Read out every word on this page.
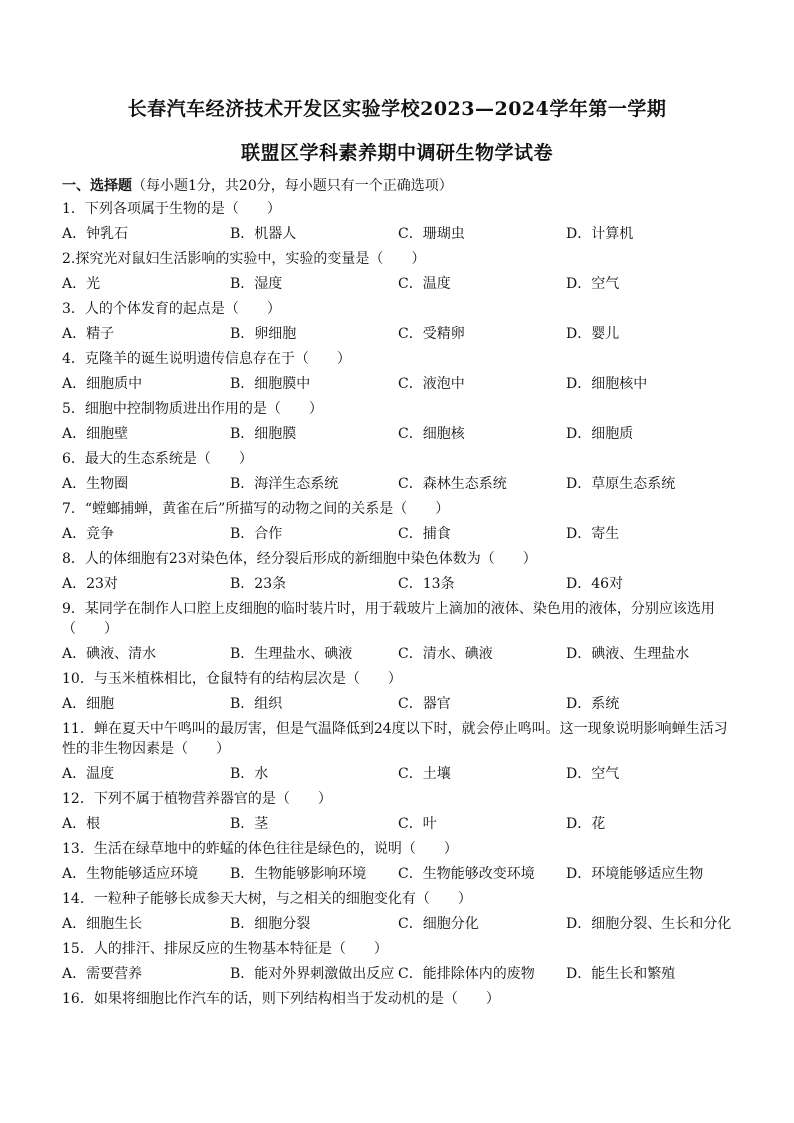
长春汽车经济技术开发区实验学校2023—2024学年第一学期
联盟区学科素养期中调研生物学试卷
一、选择题（每小题1分，共20分，每小题只有一个正确选项）
1．下列各项属于生物的是（　　）
A．钟乳石	B．机器人	C．珊瑚虫	D．计算机
2.探究光对鼠妇生活影响的实验中，实验的变量是（　　）
A．光	B．湿度	C．温度	D．空气
3．人的个体发育的起点是（　　）
A．精子	B．卵细胞	C．受精卵	D．婴儿
4．克隆羊的诞生说明遗传信息存在于（　　）
A．细胞质中	B．细胞膜中	C．液泡中	D．细胞核中
5．细胞中控制物质进出作用的是（　　）
A．细胞壁	B．细胞膜	C．细胞核	D．细胞质
6．最大的生态系统是（　　）
A．生物圈	B．海洋生态系统	C．森林生态系统	D．草原生态系统
7．“螳螂捕蝉，黄雀在后”所描写的动物之间的关系是（　　）
A．竞争	B．合作	C．捕食	D．寄生
8．人的体细胞有23对染色体，经分裂后形成的新细胞中染色体数为（　　）
A．23对	B．23条	C．13条	D．46对
9．某同学在制作人口腔上皮细胞的临时装片时，用于载玻片上滴加的液体、染色用的液体，分别应该选用（　　）
A．碘液、清水	B．生理盐水、碘液	C．清水、碘液	D．碘液、生理盐水
10．与玉米植株相比，仓鼠特有的结构层次是（　　）
A．细胞	B．组织	C．器官	D．系统
11．蝉在夏天中午鸣叫的最厉害，但是气温降低到24度以下时，就会停止鸣叫。这一现象说明影响蝉生活习性的非生物因素是（　　）
A．温度	B．水	C．土壤	D．空气
12．下列不属于植物营养器官的是（　　）
A．根	B．茎	C．叶	D．花
13．生活在绿草地中的蚱蜢的体色往往是绿色的，说明（　　）
A．生物能够适应环境	B．生物能够影响环境	C．生物能够改变环境	D．环境能够适应生物
14．一粒种子能够长成参天大树，与之相关的细胞变化有（　　）
A．细胞生长	B．细胞分裂	C．细胞分化	D．细胞分裂、生长和分化
15．人的排汗、排尿反应的生物基本特征是（　　）
A．需要营养	B．能对外界刺激做出反应 C．能排除体内的废物	D．能生长和繁殖
16．如果将细胞比作汽车的话，则下列结构相当于发动机的是（　　）
